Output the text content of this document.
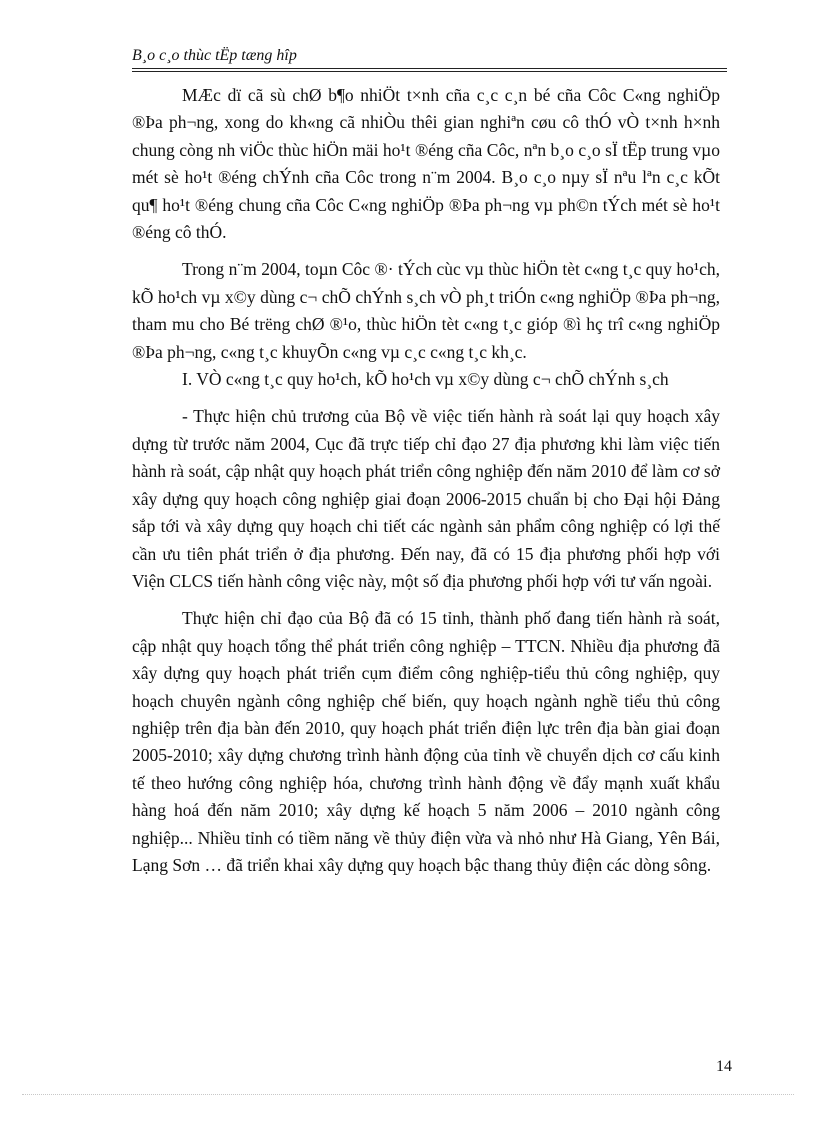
B¸o c¸o thùc tËp tæng hîp

MÆc dï cã sù chØ b¶o nhiÖt t×nh cña c¸c c¸n bé cña Côc C«ng nghiÖp ®Þa ph¬ng, xong do kh«ng cã nhiÒu thêi gian nghiªn cøu cô thÓ vÒ t×nh h×nh chung còng nh viÖc thùc hiÖn mäi ho¹t ®éng cña Côc, nªn b¸o c¸o sÏ tËp trung vµo mét sè ho¹t ®éng chÝnh cña Côc trong n¨m 2004. B¸o c¸o nµy sÏ nªu lªn c¸c kÕt qu¶ ho¹t ®éng chung cña Côc C«ng nghiÖp ®Þa ph¬ng vµ ph©n tÝch mét sè ho¹t ®éng cô thÓ.

Trong n¨m 2004, toµn Côc ®· tÝch cùc vµ thùc hiÖn tèt c«ng t¸c quy ho¹ch, kÕ ho¹ch vµ x©y dùng c¬ chÕ chÝnh s¸ch vÒ ph¸t triÓn c«ng nghiÖp ®Þa ph¬ng, tham mu cho Bé trëng chØ ®¹o, thùc hiÖn tèt c«ng t¸c gióp ®ì hç trî c«ng nghiÖp ®Þa ph¬ng, c«ng t¸c khuyÕn c«ng vµ c¸c c«ng t¸c kh¸c.

I. VÒ c«ng t¸c quy ho¹ch, kÕ ho¹ch vµ x©y dùng c¬ chÕ chÝnh s¸ch

- Thực hiện chủ trương của Bộ về việc tiến hành rà soát lại quy hoạch xây dựng từ trước năm 2004, Cục đã trực tiếp chỉ đạo 27 địa phương khi làm việc tiến hành rà soát, cập nhật quy hoạch phát triển công nghiệp đến năm 2010 để làm cơ sở xây dựng quy hoạch công nghiệp giai đoạn 2006-2015 chuẩn bị cho Đại hội Đảng sắp tới và xây dựng quy hoạch chi tiết các ngành sản phẩm công nghiệp có lợi thế cần ưu tiên phát triển ở địa phương. Đến nay, đã có 15 địa phương phối hợp với Viện CLCS tiến hành công việc này, một số địa phương phối hợp với tư vấn ngoài.

Thực hiện chỉ đạo của Bộ đã có 15 tỉnh, thành phố đang tiến hành rà soát, cập nhật quy hoạch tổng thể phát triển công nghiệp – TTCN. Nhiều địa phương đã xây dựng quy hoạch phát triển cụm điểm công nghiệp-tiểu thủ công nghiệp, quy hoạch chuyên ngành công nghiệp chế biến, quy hoạch ngành nghề tiểu thủ công nghiệp trên địa bàn đến 2010, quy hoạch phát triển điện lực trên địa bàn giai đoạn 2005-2010; xây dựng chương trình hành động của tỉnh về chuyển dịch cơ cấu kinh tế theo hướng công nghiệp hóa, chương trình hành động về đẩy mạnh xuất khẩu hàng hoá đến năm 2010; xây dựng kế hoạch 5 năm 2006 – 2010 ngành công nghiệp... Nhiều tỉnh có tiềm năng về thủy điện vừa và nhỏ như Hà Giang, Yên Bái, Lạng Sơn … đã triển khai xây dựng quy hoạch bậc thang thủy điện các dòng sông.

14
